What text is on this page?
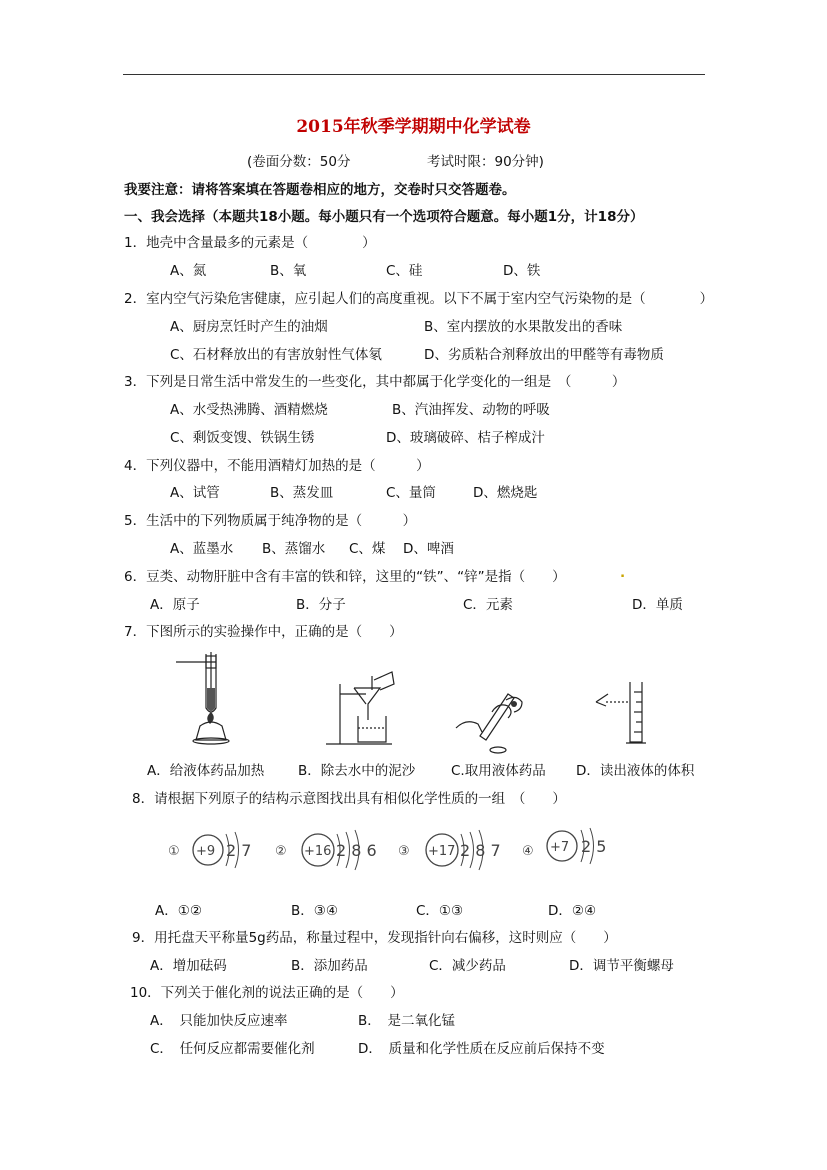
2015年秋季学期期中化学试卷
(卷面分数：50分	考试时限：90分钟)
我要注意：请将答案填在答题卷相应的地方，交卷时只交答题卷。
一、我会选择（本题共18小题。每小题只有一个选项符合题意。每小题1分，计18分）
1．地壳中含量最多的元素是（　　　　）
A、氮	B、氧	C、硅	D、铁
2．室内空气污染危害健康，应引起人们的高度重视。以下不属于室内空气污染物的是（　　　　）
A、厨房烹饪时产生的油烟	B、室内摆放的水果散发出的香味
C、石材释放出的有害放射性气体氡	D、劣质粘合剂释放出的甲醛等有毒物质
3．下列是日常生活中常发生的一些变化，其中都属于化学变化的一组是　（　　　）
A、水受热沸腾、酒精燃烧	B、汽油挥发、动物的呼吸
C、剩饭变馊、铁锅生锈	D、玻璃破碎、桔子榨成汁
4．下列仪器中，不能用酒精灯加热的是（　　　）
A、试管	B、蒸发皿	C、量筒	D、燃烧匙
5．生活中的下列物质属于纯净物的是（　　　）
A、蓝墨水 B、蒸馏水 C、煤 D、啤酒
6．豆类、动物肝脏中含有丰富的铁和锌，这里的“铁”、“锌”是指（　　）	.
A．原子	B．分子	C．元素	D．单质
7．下图所示的实验操作中，正确的是（　　）
A．给液体药品加热	B．除去水中的泥沙	C.取用液体药品 D．读出液体的体积
8．请根据下列原子的结构示意图找出具有相似化学性质的一组　（　　）
① +9 2 7 ② +16 2 8 6 ③ +17 2 8 7 ④ +7 2 5
A．①②	B．③④	C．①③	D．②④
9．用托盘天平称量5g药品，称量过程中，发现指针向右偏移，这时则应（　　）
A．增加砝码	B．添加药品	C．减少药品	D．调节平衡螺母
10．下列关于催化剂的说法正确的是（　　）
A．　只能加快反应速率	B．　是二氧化锰
C．　任何反应都需要催化剂	D．　质量和化学性质在反应前后保持不变
